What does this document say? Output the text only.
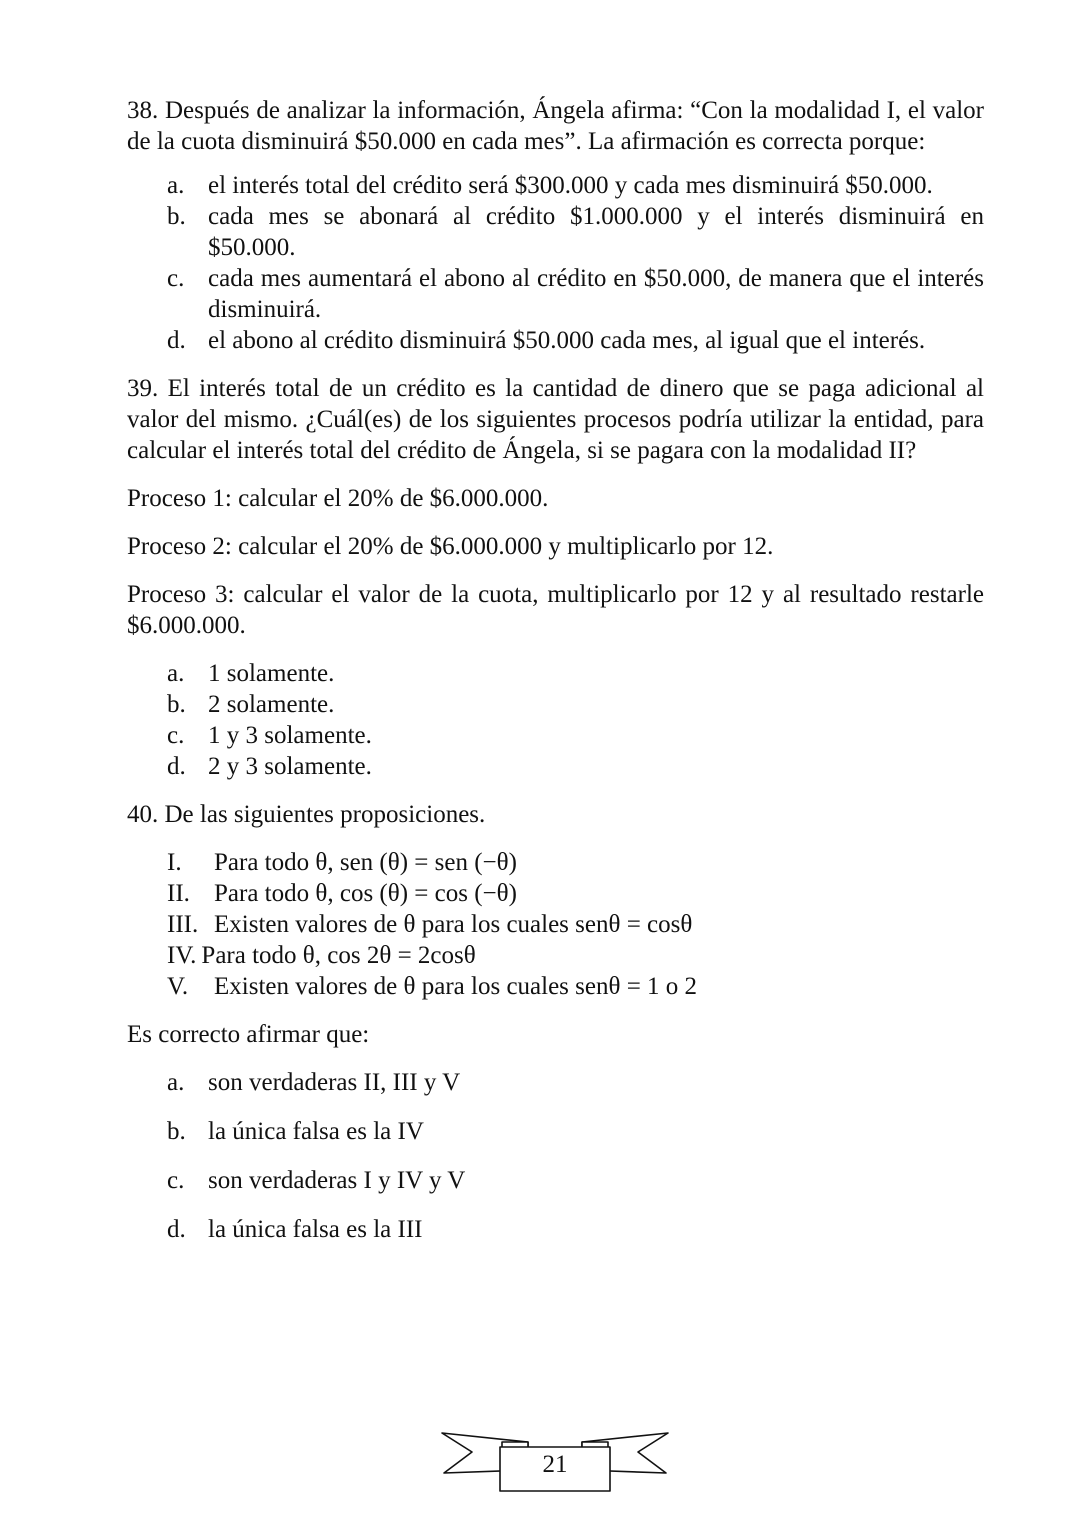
38. Después de analizar la información, Ángela afirma: “Con la modalidad I, el valor de la cuota disminuirá $50.000 en cada mes”. La afirmación es correcta porque:

a. el interés total del crédito será $300.000 y cada mes disminuirá $50.000.
b. cada mes se abonará al crédito $1.000.000 y el interés disminuirá en $50.000.
c. cada mes aumentará el abono al crédito en $50.000, de manera que el interés disminuirá.
d. el abono al crédito disminuirá $50.000 cada mes, al igual que el interés.

39. El interés total de un crédito es la cantidad de dinero que se paga adicional al valor del mismo. ¿Cuál(es) de los siguientes procesos podría utilizar la entidad, para calcular el interés total del crédito de Ángela, si se pagara con la modalidad II?

Proceso 1: calcular el 20% de $6.000.000.

Proceso 2: calcular el 20% de $6.000.000 y multiplicarlo por 12.

Proceso 3: calcular el valor de la cuota, multiplicarlo por 12 y al resultado restarle $6.000.000.

a. 1 solamente.
b. 2 solamente.
c. 1 y 3 solamente.
d. 2 y 3 solamente.

40. De las siguientes proposiciones.

I.	Para todo θ, sen (θ) = sen (−θ)
II. Para todo θ, cos (θ) = cos (−θ)
III. Existen valores de θ para los cuales senθ = cosθ
IV. Para todo θ, cos 2θ = 2cosθ
V.	Existen valores de θ para los cuales senθ = 1 o 2

Es correcto afirmar que:

a. son verdaderas II, III y V
b. la única falsa es la IV
c. son verdaderas I y IV y V
d. la única falsa es la III
21
